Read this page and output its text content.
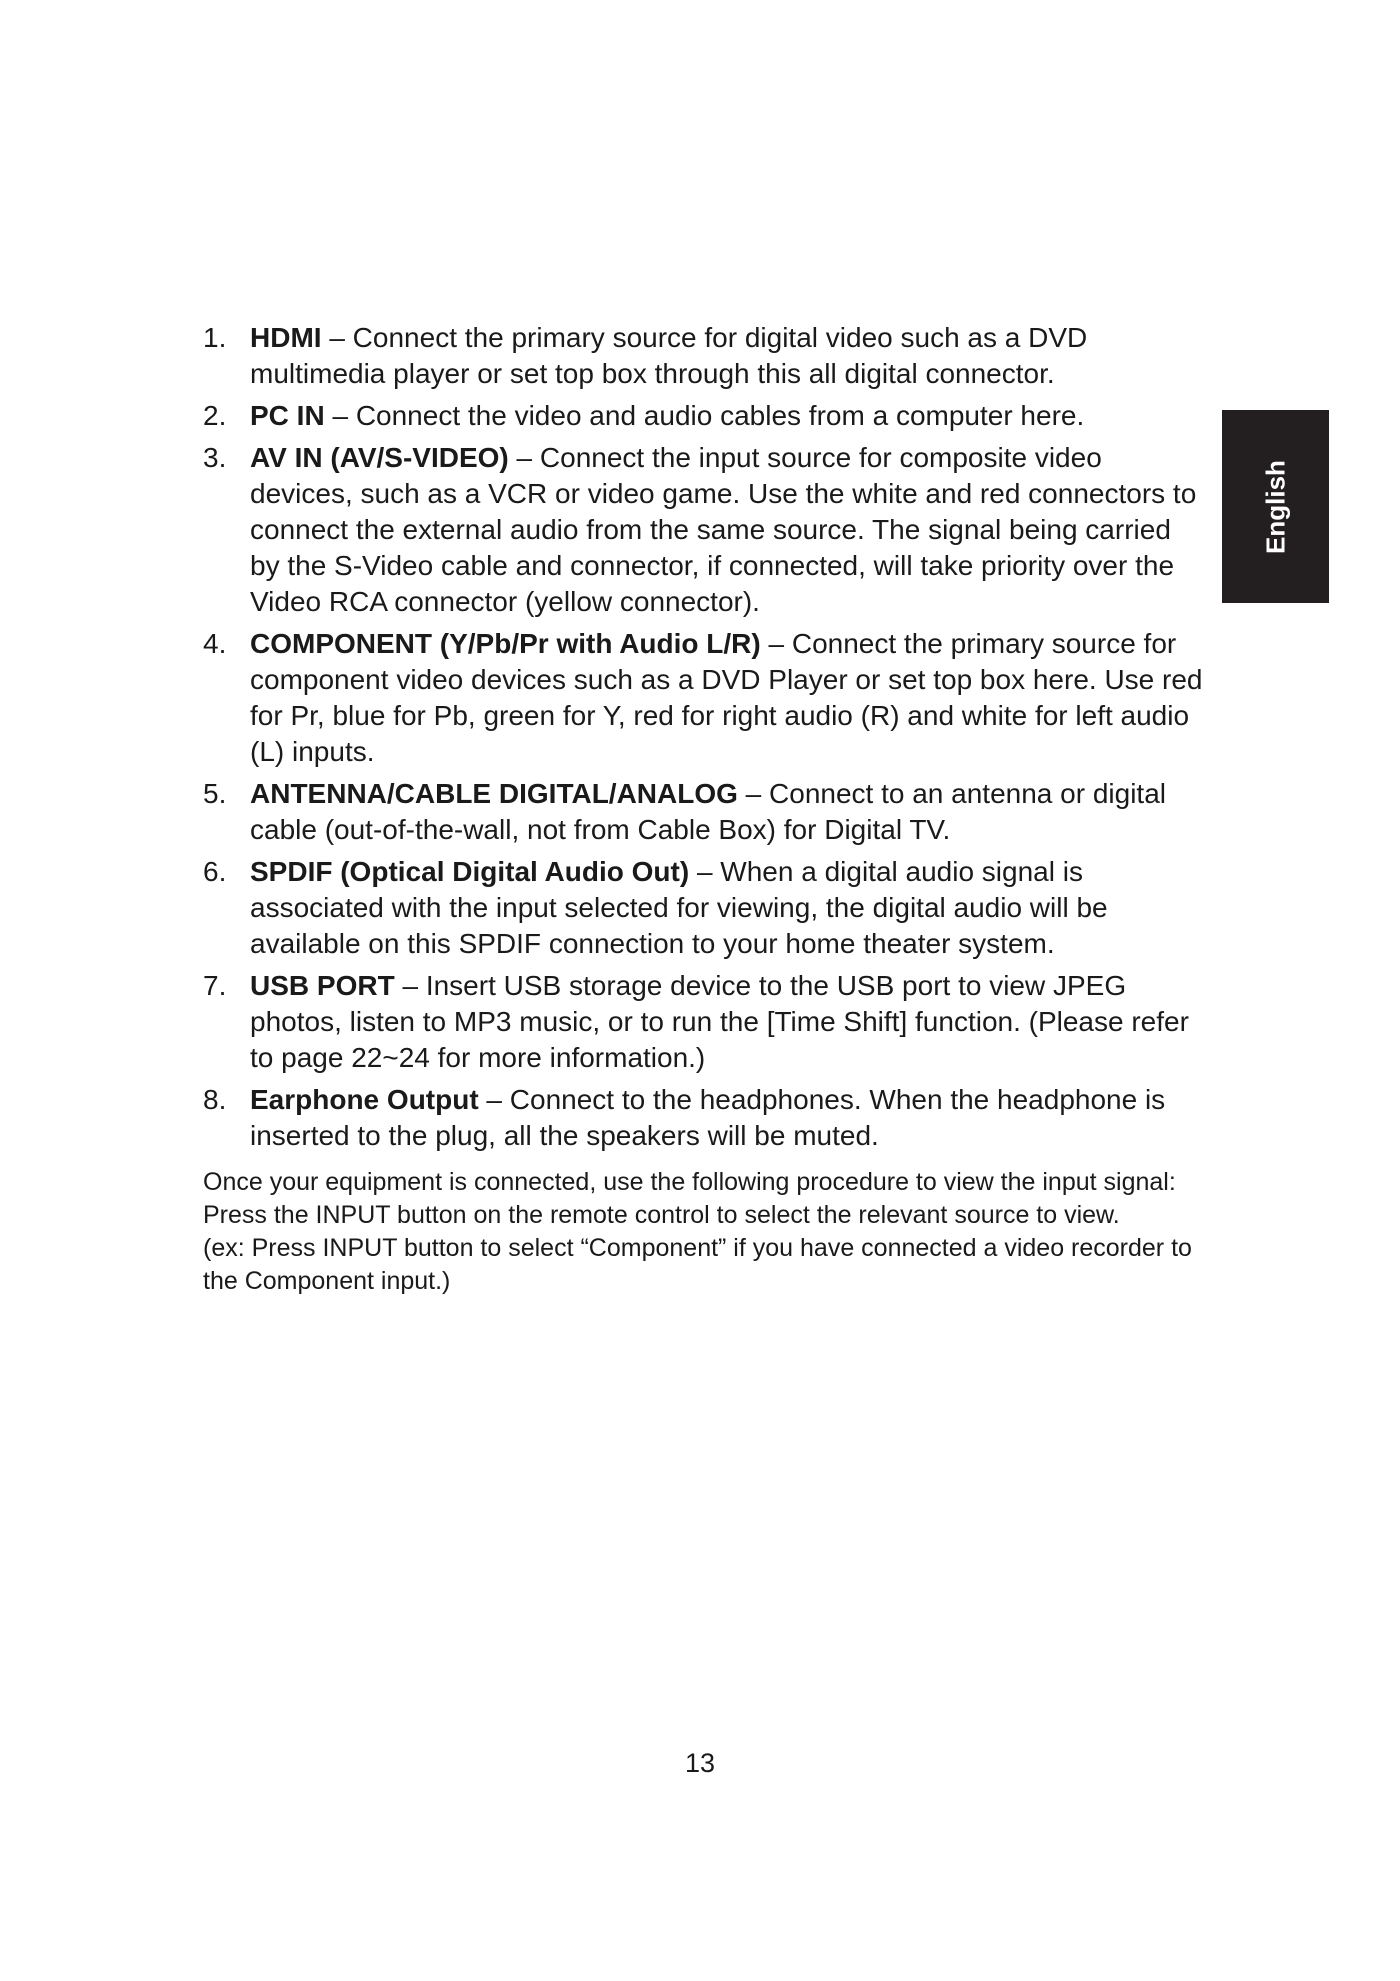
English
1. HDMI – Connect the primary source for digital video such as a DVD multimedia player or set top box through this all digital connector.
2. PC IN – Connect the video and audio cables from a computer here.
3. AV IN (AV/S-VIDEO) – Connect the input source for composite video devices, such as a VCR or video game. Use the white and red connectors to connect the external audio from the same source. The signal being carried by the S-Video cable and connector, if connected, will take priority over the Video RCA connector (yellow connector).
4. COMPONENT (Y/Pb/Pr with Audio L/R) – Connect the primary source for component video devices such as a DVD Player or set top box here. Use red for Pr, blue for Pb, green for Y, red for right audio (R) and white for left audio (L) inputs.
5. ANTENNA/CABLE DIGITAL/ANALOG – Connect to an antenna or digital cable (out-of-the-wall, not from Cable Box) for Digital TV.
6. SPDIF (Optical Digital Audio Out) – When a digital audio signal is associated with the input selected for viewing, the digital audio will be available on this SPDIF connection to your home theater system.
7. USB PORT – Insert USB storage device to the USB port to view JPEG photos, listen to MP3 music, or to run the [Time Shift] function. (Please refer to page 22~24 for more information.)
8. Earphone Output – Connect to the headphones. When the headphone is inserted to the plug, all the speakers will be muted.

Once your equipment is connected, use the following procedure to view the input signal:

Press the INPUT button on the remote control to select the relevant source to view.

(ex: Press INPUT button to select “Component” if you have connected a video recorder to the Component input.)

13
